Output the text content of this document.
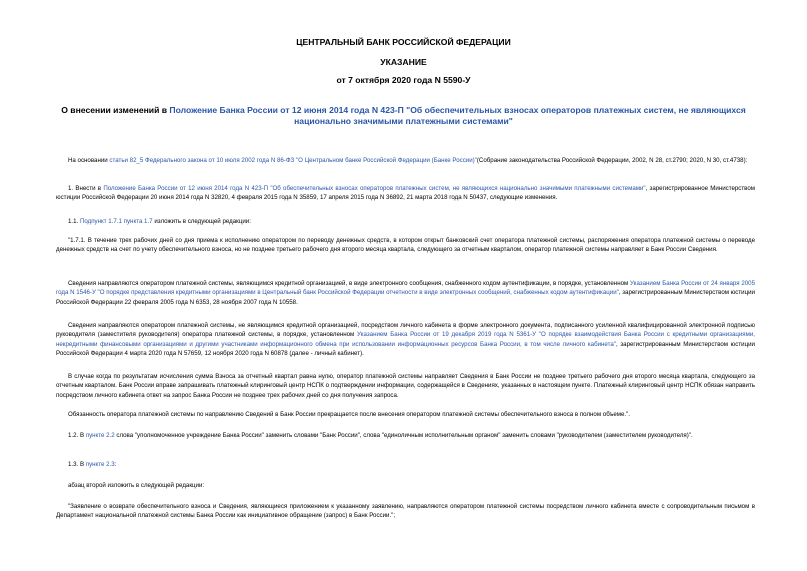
ЦЕНТРАЛЬНЫЙ БАНК РОССИЙСКОЙ ФЕДЕРАЦИИ
УКАЗАНИЕ
от 7 октября 2020 года N 5590-У
О внесении изменений в Положение Банка России от 12 июня 2014 года N 423-П "Об обеспечительных взносах операторов платежных систем, не являющихся национально значимыми платежными системами"
На основании статьи 82_5 Федерального закона от 10 июля 2002 года N 86-ФЗ "О Центральном банке Российской Федерации (Банке России)"(Собрание законодательства Российской Федерации, 2002, N 28, ст.2790; 2020, N 30, ст.4738):
1. Внести в Положение Банка России от 12 июня 2014 года N 423-П "Об обеспечительных взносах операторов платежных систем, не являющихся национально значимыми платежными системами", зарегистрированное Министерством юстиции Российской Федерации 20 июня 2014 года N 32820, 4 февраля 2015 года N 35859, 17 апреля 2015 года N 36892, 21 марта 2018 года N 50437, следующие изменения.
1.1. Подпункт 1.7.1 пункта 1.7 изложить в следующей редакции:
"1.7.1. В течение трех рабочих дней со дня приема к исполнению оператором по переводу денежных средств, в котором открыт банковский счет оператора платежной системы, распоряжения оператора платежной системы о переводе денежных средств на счет по учету обеспечительного взноса, но не позднее третьего рабочего дня второго месяца квартала, следующего за отчетным кварталом, оператор платежной системы направляет в Банк России Сведения.
Сведения направляются оператором платежной системы, являющимся кредитной организацией, в виде электронного сообщения, снабженного кодом аутентификации, в порядке, установленном Указанием Банка России от 24 января 2005 года N 1546-У "О порядке представления кредитными организациями в Центральный банк Российской Федерации отчетности в виде электронных сообщений, снабженных кодом аутентификации", зарегистрированным Министерством юстиции Российской Федерации 22 февраля 2005 года N 6353, 28 ноября 2007 года N 10558.
Сведения направляются оператором платежной системы, не являющимся кредитной организацией, посредством личного кабинета в форме электронного документа, подписанного усиленной квалифицированной электронной подписью руководителя (заместителя руководителя) оператора платежной системы, в порядке, установленном Указанием Банка России от 19 декабря 2019 года N 5361-У "О порядке взаимодействия Банка России с кредитными организациями, некредитными финансовыми организациями и другими участниками информационного обмена при использовании информационных ресурсов Банка России, в том числе личного кабинета", зарегистрированным Министерством юстиции Российской Федерации 4 марта 2020 года N 57659, 12 ноября 2020 года N 60878 (далее - личный кабинет).
В случае когда по результатам исчисления сумма Взноса за отчетный квартал равна нулю, оператор платежной системы направляет Сведения в Банк России не позднее третьего рабочего дня второго месяца квартала, следующего за отчетным кварталом. Банк России вправе запрашивать платежный клиринговый центр НСПК о подтверждении информации, содержащейся в Сведениях, указанных в настоящем пункте. Платежный клиринговый центр НСПК обязан направить посредством личного кабинета ответ на запрос Банка России не позднее трех рабочих дней со дня получения запроса.
Обязанность оператора платежной системы по направлению Сведений в Банк России прекращается после внесения оператором платежной системы обеспечительного взноса в полном объеме.".
1.2. В пункте 2.2 слова "уполномоченное учреждение Банка России" заменить словами "Банк России", слова "единоличным исполнительным органом" заменить словами "руководителем (заместителем руководителя)".
1.3. В пункте 2.3:
абзац второй изложить в следующей редакции:
"Заявление о возврате обеспечительного взноса и Сведения, являющиеся приложением к указанному заявлению, направляются оператором платежной системы посредством личного кабинета вместе с сопроводительным письмом в Департамент национальной платежной системы Банка России как инициативное обращение (запрос) в Банк России.";
